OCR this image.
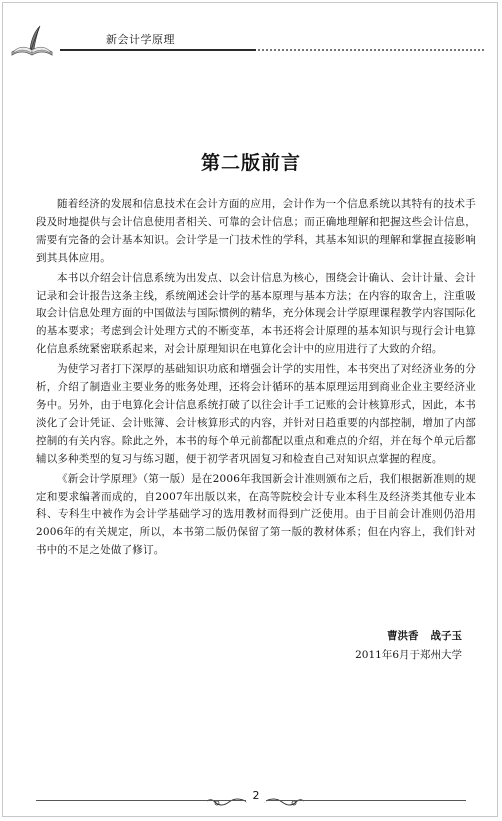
新会计学原理
第二版前言

随着经济的发展和信息技术在会计方面的应用，会计作为一个信息系统以其特有的技术手段及时地提供与会计信息使用者相关、可靠的会计信息；而正确地理解和把握这些会计信息，需要有完备的会计基本知识。会计学是一门技术性的学科，其基本知识的理解和掌握直接影响到其具体应用。

本书以介绍会计信息系统为出发点、以会计信息为核心，围绕会计确认、会计计量、会计记录和会计报告这条主线，系统阐述会计学的基本原理与基本方法；在内容的取舍上，注重吸取会计信息处理方面的中国做法与国际惯例的精华，充分体现会计学原理课程教学内容国际化的基本要求；考虑到会计处理方式的不断变革，本书还将会计原理的基本知识与现行会计电算化信息系统紧密联系起来，对会计原理知识在电算化会计中的应用进行了大致的介绍。

为使学习者打下深厚的基础知识功底和增强会计学的实用性，本书突出了对经济业务的分析，介绍了制造业主要业务的账务处理，还将会计循环的基本原理运用到商业企业主要经济业务中。另外，由于电算化会计信息系统打破了以往会计手工记账的会计核算形式，因此，本书淡化了会计凭证、会计账簿、会计核算形式的内容，并针对日趋重要的内部控制，增加了内部控制的有关内容。除此之外，本书的每个单元前都配以重点和难点的介绍，并在每个单元后都辅以多种类型的复习与练习题，便于初学者巩固复习和检查自己对知识点掌握的程度。

《新会计学原理》（第一版）是在2006年我国新会计准则颁布之后，我们根据新准则的规定和要求编著而成的，自2007年出版以来，在高等院校会计专业本科生及经济类其他专业本科、专科生中被作为会计学基础学习的选用教材而得到广泛使用。由于目前会计准则仍沿用2006年的有关规定，所以，本书第二版仍保留了第一版的教材体系；但在内容上，我们针对书中的不足之处做了修订。

曹洪香 战子玉
2011年6月于郑州大学
2
